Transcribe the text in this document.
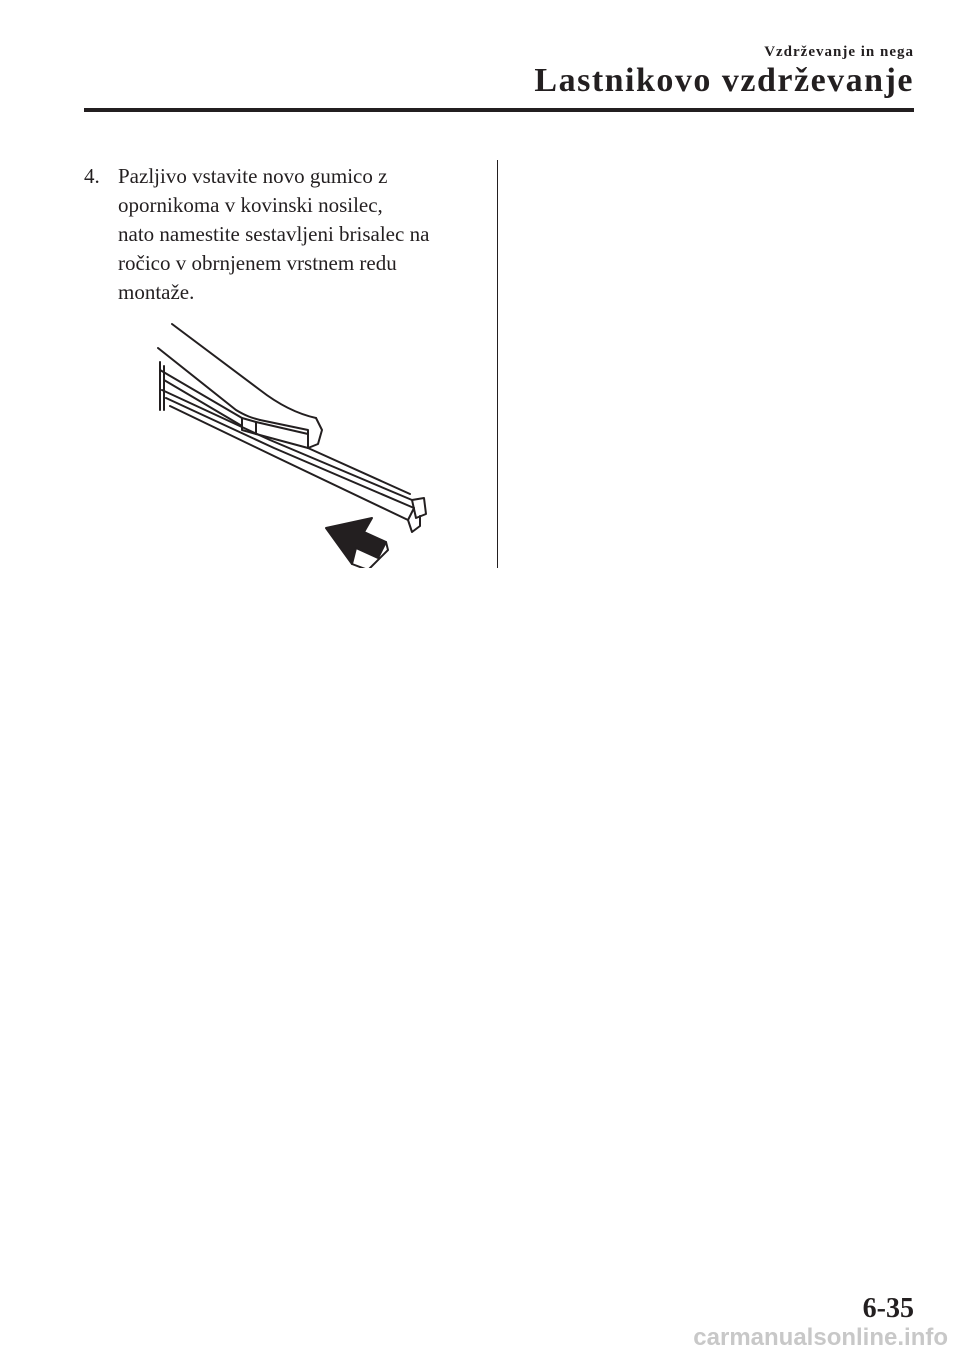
Vzdrževanje in nega
Lastnikovo vzdrževanje
4. Pazljivo vstavite novo gumico z
opornikoma v kovinski nosilec,
nato namestite sestavljeni brisalec na
ročico v obrnjenem vrstnem redu
montaže.
6-35
carmanualsonline.info
